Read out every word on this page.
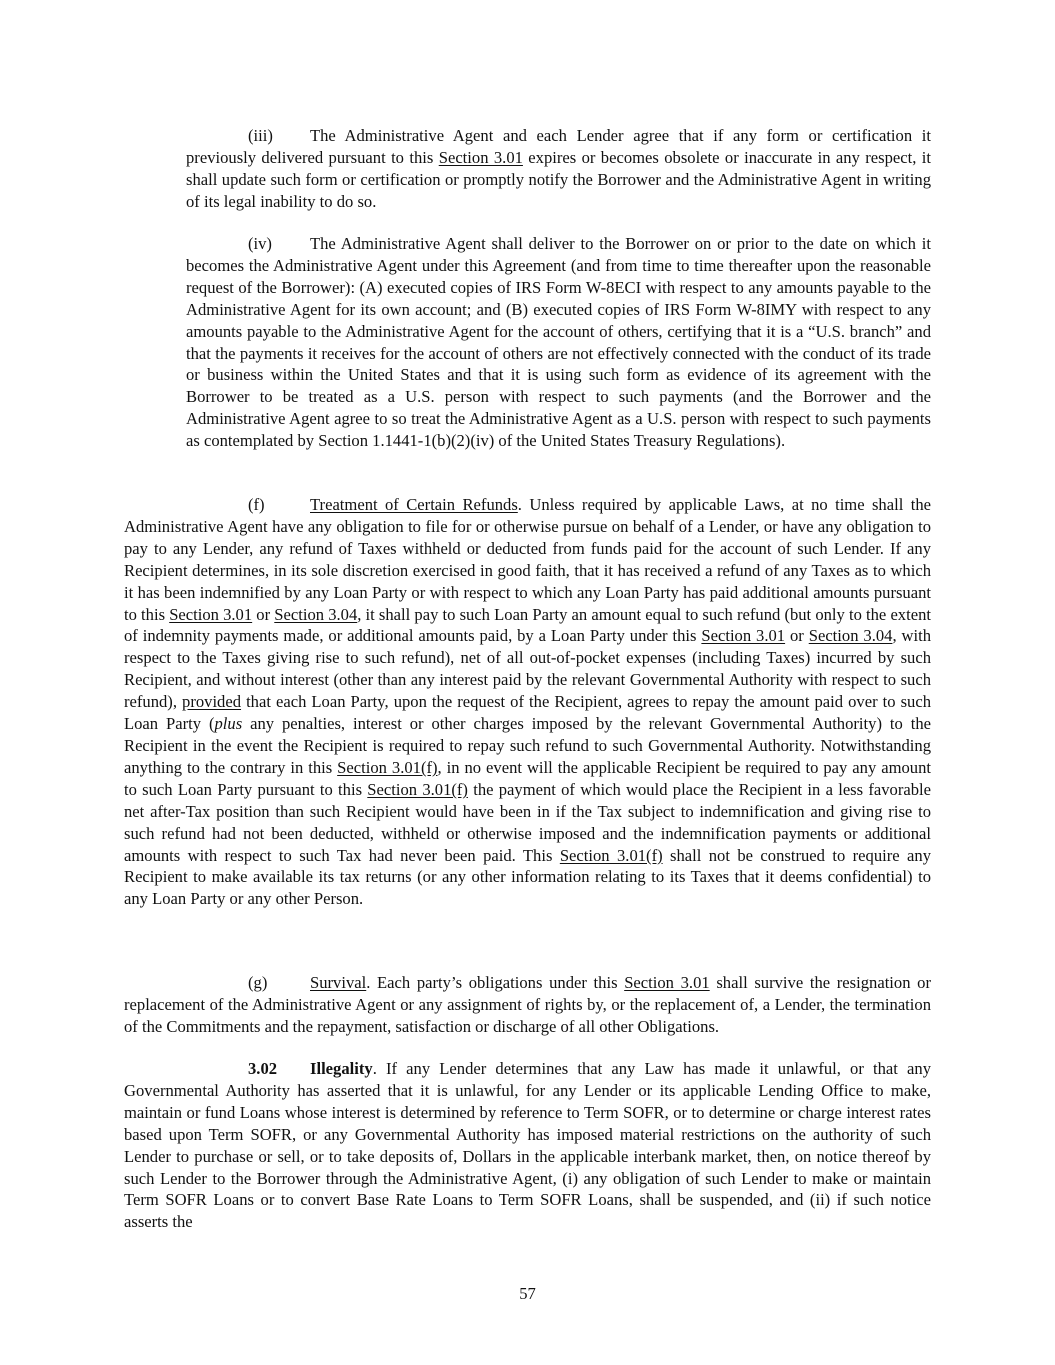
(iii) The Administrative Agent and each Lender agree that if any form or certification it previously delivered pursuant to this Section 3.01 expires or becomes obsolete or inaccurate in any respect, it shall update such form or certification or promptly notify the Borrower and the Administrative Agent in writing of its legal inability to do so.

(iv) The Administrative Agent shall deliver to the Borrower on or prior to the date on which it becomes the Administrative Agent under this Agreement (and from time to time thereafter upon the reasonable request of the Borrower): (A) executed copies of IRS Form W-8ECI with respect to any amounts payable to the Administrative Agent for its own account; and (B) executed copies of IRS Form W-8IMY with respect to any amounts payable to the Administrative Agent for the account of others, certifying that it is a “U.S. branch” and that the payments it receives for the account of others are not effectively connected with the conduct of its trade or business within the United States and that it is using such form as evidence of its agreement with the Borrower to be treated as a U.S. person with respect to such payments (and the Borrower and the Administrative Agent agree to so treat the Administrative Agent as a U.S. person with respect to such payments as contemplated by Section 1.1441-1(b)(2)(iv) of the United States Treasury Regulations).

(f)	Treatment of Certain Refunds. Unless required by applicable Laws, at no time shall the Administrative Agent have any obligation to file for or otherwise pursue on behalf of a Lender, or have any obligation to pay to any Lender, any refund of Taxes withheld or deducted from funds paid for the account of such Lender. If any Recipient determines, in its sole discretion exercised in good faith, that it has received a refund of any Taxes as to which it has been indemnified by any Loan Party or with respect to which any Loan Party has paid additional amounts pursuant to this Section 3.01 or Section 3.04, it shall pay to such Loan Party an amount equal to such refund (but only to the extent of indemnity payments made, or additional amounts paid, by a Loan Party under this Section 3.01 or Section 3.04, with respect to the Taxes giving rise to such refund), net of all out-of-pocket expenses (including Taxes) incurred by such Recipient, and without interest (other than any interest paid by the relevant Governmental Authority with respect to such refund), provided that each Loan Party, upon the request of the Recipient, agrees to repay the amount paid over to such Loan Party (plus any penalties, interest or other charges imposed by the relevant Governmental Authority) to the Recipient in the event the Recipient is required to repay such refund to such Governmental Authority. Notwithstanding anything to the contrary in this Section 3.01(f), in no event will the applicable Recipient be required to pay any amount to such Loan Party pursuant to this Section 3.01(f) the payment of which would place the Recipient in a less favorable net after-Tax position than such Recipient would have been in if the Tax subject to indemnification and giving rise to such refund had not been deducted, withheld or otherwise imposed and the indemnification payments or additional amounts with respect to such Tax had never been paid. This Section 3.01(f) shall not be construed to require any Recipient to make available its tax returns (or any other information relating to its Taxes that it deems confidential) to any Loan Party or any other Person.

(g)	Survival. Each party’s obligations under this Section 3.01 shall survive the resignation or replacement of the Administrative Agent or any assignment of rights by, or the replacement of, a Lender, the termination of the Commitments and the repayment, satisfaction or discharge of all other Obligations.

3.02 Illegality. If any Lender determines that any Law has made it unlawful, or that any Governmental Authority has asserted that it is unlawful, for any Lender or its applicable Lending Office to make, maintain or fund Loans whose interest is determined by reference to Term SOFR, or to determine or charge interest rates based upon Term SOFR, or any Governmental Authority has imposed material restrictions on the authority of such Lender to purchase or sell, or to take deposits of, Dollars in the applicable interbank market, then, on notice thereof by such Lender to the Borrower through the Administrative Agent, (i) any obligation of such Lender to make or maintain Term SOFR Loans or to convert Base Rate Loans to Term SOFR Loans, shall be suspended, and (ii) if such notice asserts the

57
